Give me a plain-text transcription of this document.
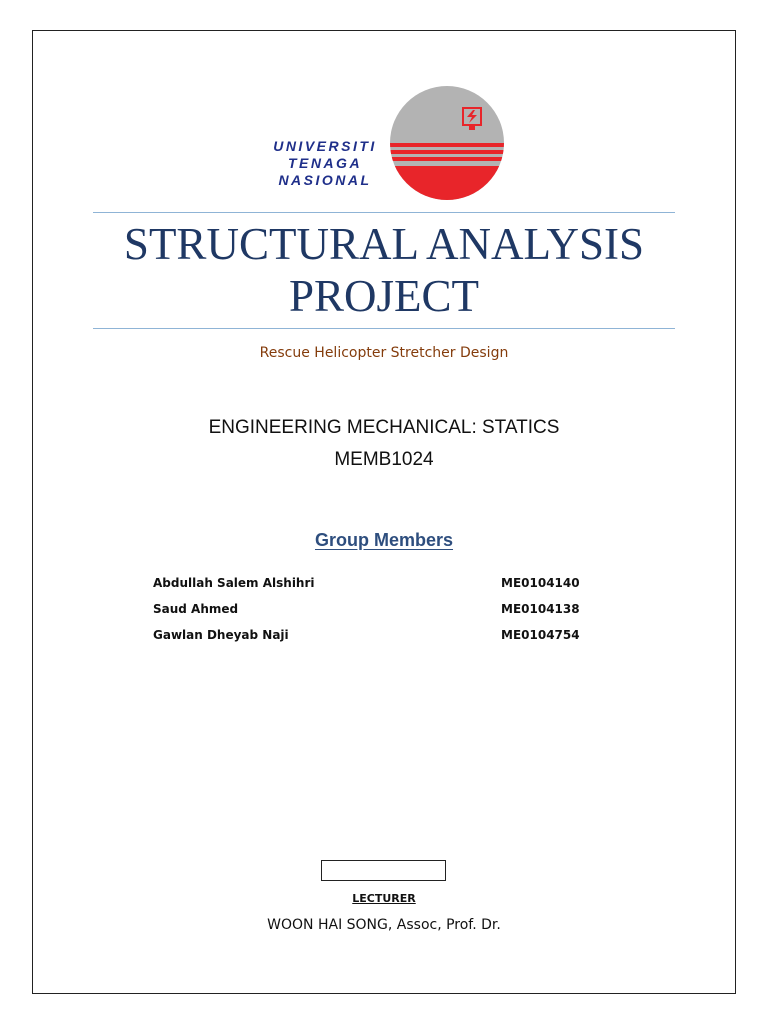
UNIVERSITI
TENAGA
NASIONAL
STRUCTURAL ANALYSIS
PROJECT
Rescue Helicopter Stretcher Design
ENGINEERING MECHANICAL: STATICS
MEMB1024
Group Members
Abdullah Salem Alshihri	ME0104140
Saud Ahmed	ME0104138
Gawlan Dheyab Naji	ME0104754
LECTURER
WOON HAI SONG, Assoc, Prof. Dr.
